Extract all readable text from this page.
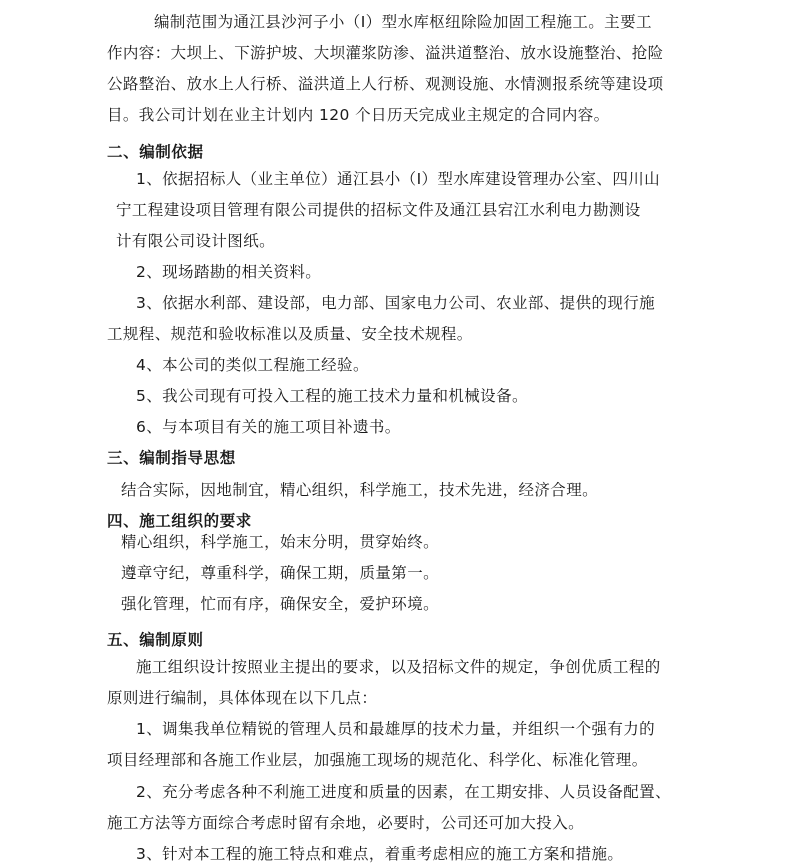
编制范围为通江县沙河子小（I）型水库枢纽除险加固工程施工。主要工
作内容：大坝上、下游护坡、大坝灌浆防渗、溢洪道整治、放水设施整治、抢险
公路整治、放水上人行桥、溢洪道上人行桥、观测设施、水情测报系统等建设项
目。我公司计划在业主计划内 120 个日历天完成业主规定的合同内容。
二、编制依据
1、依据招标人（业主单位）通江县小（I）型水库建设管理办公室、四川山
宁工程建设项目管理有限公司提供的招标文件及通江县宕江水利电力勘测设
计有限公司设计图纸。
2、现场踏勘的相关资料。
3、依据水利部、建设部，电力部、国家电力公司、农业部、提供的现行施
工规程、规范和验收标准以及质量、安全技术规程。
4、本公司的类似工程施工经验。
5、我公司现有可投入工程的施工技术力量和机械设备。
6、与本项目有关的施工项目补遗书。
三、编制指导思想
结合实际，因地制宜，精心组织，科学施工，技术先进，经济合理。
四、施工组织的要求
精心组织，科学施工，始末分明，贯穿始终。
遵章守纪，尊重科学，确保工期，质量第一。
强化管理，忙而有序，确保安全，爱护环境。
五、编制原则
施工组织设计按照业主提出的要求，以及招标文件的规定，争创优质工程的
原则进行编制，具体体现在以下几点：
1、调集我单位精锐的管理人员和最雄厚的技术力量，并组织一个强有力的
项目经理部和各施工作业层，加强施工现场的规范化、科学化、标准化管理。
2、充分考虑各种不利施工进度和质量的因素，在工期安排、人员设备配置、
施工方法等方面综合考虑时留有余地，必要时，公司还可加大投入。
3、针对本工程的施工特点和难点，着重考虑相应的施工方案和措施。
